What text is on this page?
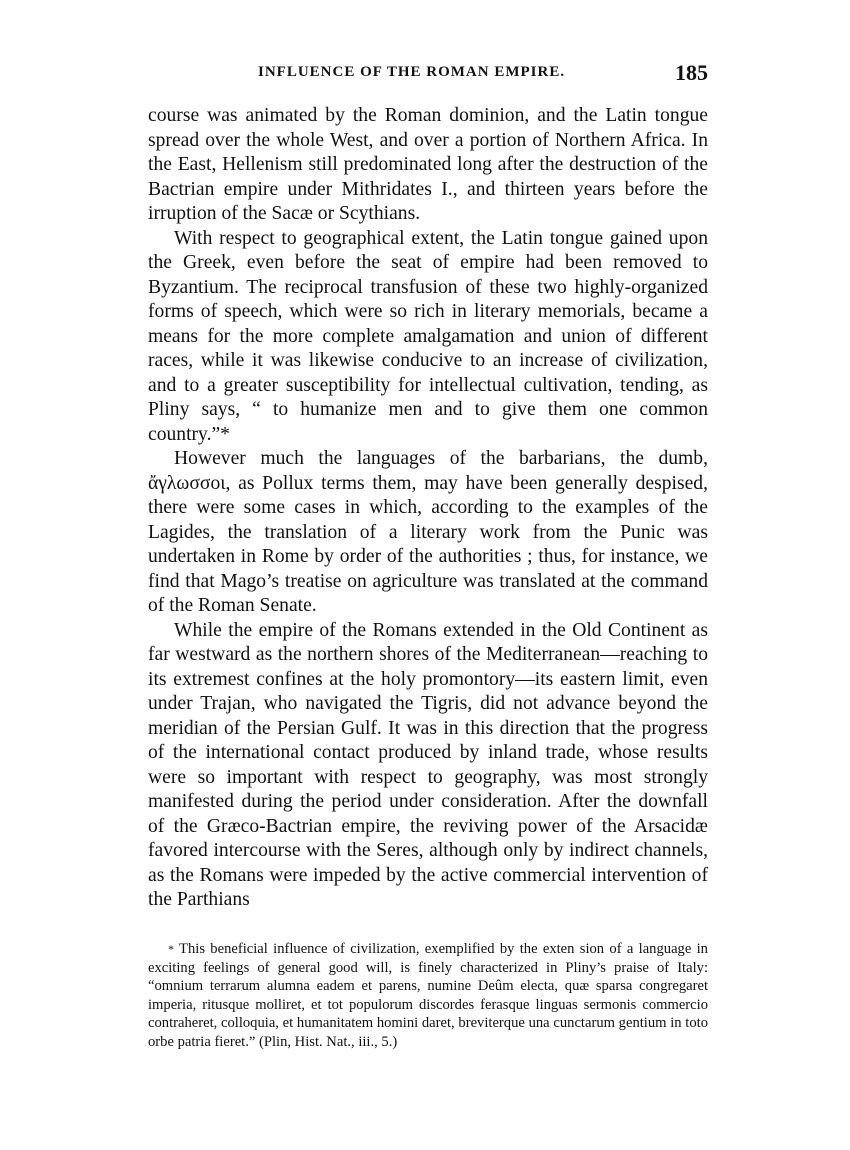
INFLUENCE OF THE ROMAN EMPIRE.	185

course was animated by the Roman dominion, and the Latin tongue spread over the whole West, and over a portion of Northern Africa. In the East, Hellenism still predominated long after the destruction of the Bactrian empire under Mithridates I., and thirteen years before the irruption of the Sacæ or Scythians.

With respect to geographical extent, the Latin tongue gained upon the Greek, even before the seat of empire had been removed to Byzantium. The reciprocal transfusion of these two highly-organized forms of speech, which were so rich in literary memorials, became a means for the more complete amalgamation and union of different races, while it was likewise conducive to an increase of civilization, and to a greater susceptibility for intellectual cultivation, tending, as Pliny says, “ to humanize men and to give them one common country.”*

However much the languages of the barbarians, the dumb, ἄγλωσσοι, as Pollux terms them, may have been generally despised, there were some cases in which, according to the examples of the Lagides, the translation of a literary work from the Punic was undertaken in Rome by order of the authorities ; thus, for instance, we find that Mago’s treatise on agriculture was translated at the command of the Roman Senate.

While the empire of the Romans extended in the Old Continent as far westward as the northern shores of the Mediterranean—reaching to its extremest confines at the holy promontory—its eastern limit, even under Trajan, who navigated the Tigris, did not advance beyond the meridian of the Persian Gulf. It was in this direction that the progress of the international contact produced by inland trade, whose results were so important with respect to geography, was most strongly manifested during the period under consideration. After the downfall of the Græco-Bactrian empire, the reviving power of the Arsacidæ favored intercourse with the Seres, although only by indirect channels, as the Romans were impeded by the active commercial intervention of the Parthians

* This beneficial influence of civilization, exemplified by the exten sion of a language in exciting feelings of general good will, is finely characterized in Pliny’s praise of Italy: “omnium terrarum alumna eadem et parens, numine Deûm electa, quæ sparsa congregaret imperia, ritusque molliret, et tot populorum discordes ferasque linguas sermonis commercio contraheret, colloquia, et humanitatem homini daret, breviterque una cunctarum gentium in toto orbe patria fieret.” (Plin, Hist. Nat., iii., 5.)
